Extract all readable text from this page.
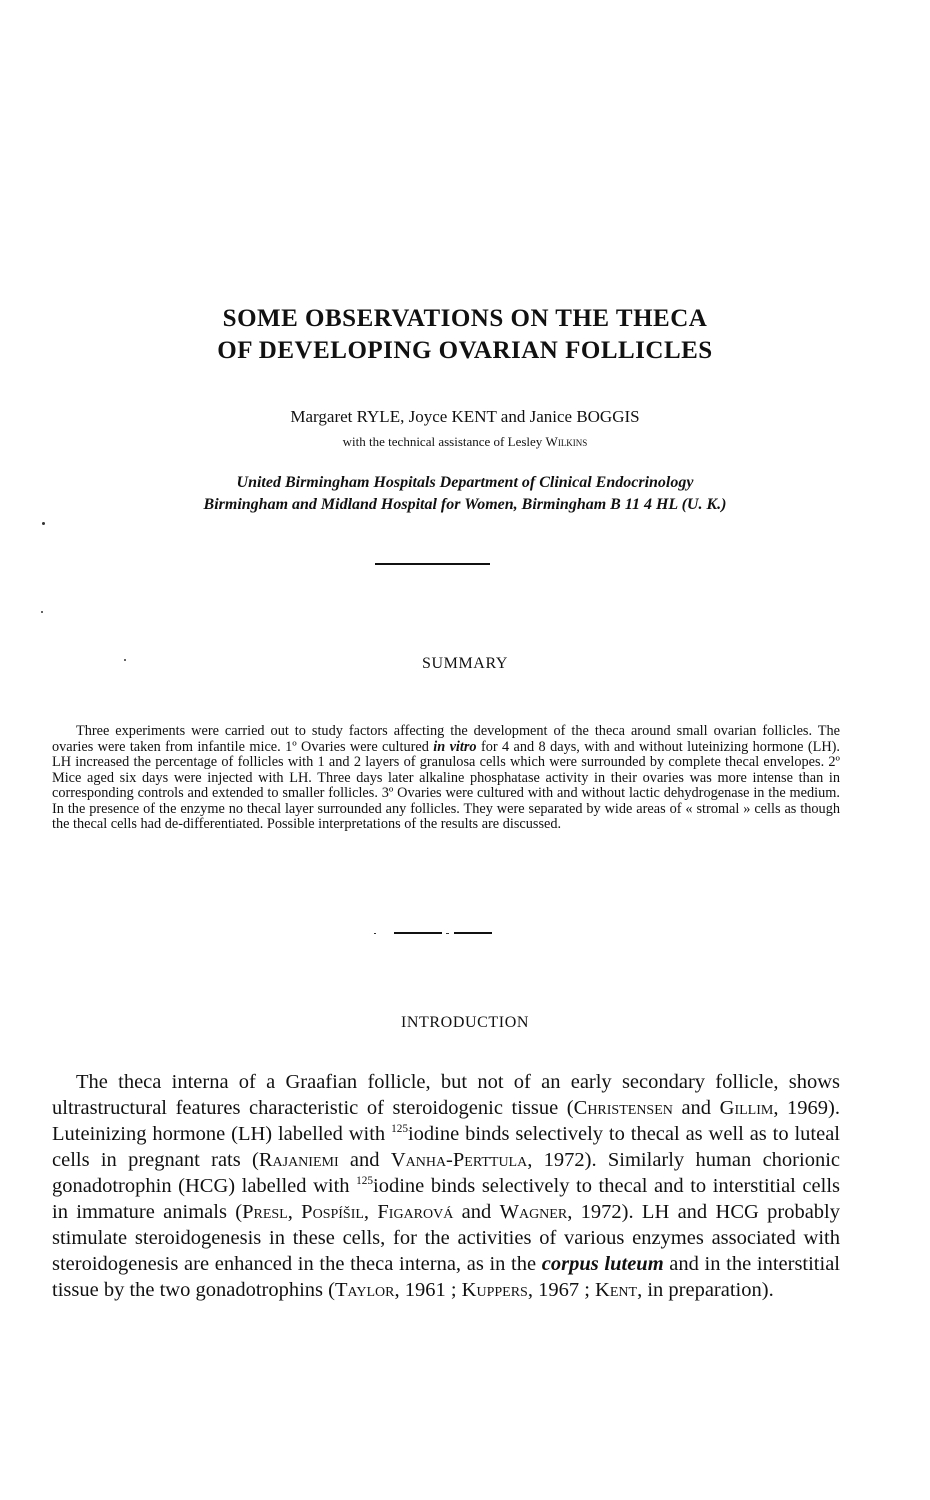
SOME OBSERVATIONS ON THE THECA
OF DEVELOPING OVARIAN FOLLICLES
Margaret RYLE, Joyce KENT and Janice BOGGIS
with the technical assistance of Lesley Wilkins
United Birmingham Hospitals Department of Clinical Endocrinology
Birmingham and Midland Hospital for Women, Birmingham B 11 4 HL (U. K.)
SUMMARY
Three experiments were carried out to study factors affecting the development of the theca around small ovarian follicles. The ovaries were taken from infantile mice. 1º Ovaries were cultured in vitro for 4 and 8 days, with and without luteinizing hormone (LH). LH increased the percentage of follicles with 1 and 2 layers of granulosa cells which were surrounded by complete thecal envelopes. 2º Mice aged six days were injected with LH. Three days later alkaline phosphatase activity in their ovaries was more intense than in corresponding controls and extended to smaller follicles. 3º Ovaries were cultured with and without lactic dehydrogenase in the medium. In the presence of the enzyme no thecal layer surrounded any follicles. They were separated by wide areas of « stromal » cells as though the thecal cells had de-differentiated. Possible interpretations of the results are discussed.
INTRODUCTION
The theca interna of a Graafian follicle, but not of an early secondary follicle, shows ultrastructural features characteristic of steroidogenic tissue (Christensen and Gillim, 1969). Luteinizing hormone (LH) labelled with $^{125}$iodine binds selectively to thecal as well as to luteal cells in pregnant rats (Rajaniemi and Vanha-Perttula, 1972). Similarly human chorionic gonadotrophin (HCG) labelled with $^{125}$iodine binds selectively to thecal and to interstitial cells in immature animals (Presl, Pospíšil, Figarová and Wagner, 1972). LH and HCG probably stimulate steroidogenesis in these cells, for the activities of various enzymes associated with steroidogenesis are enhanced in the theca interna, as in the corpus luteum and in the interstitial tissue by the two gonadotrophins (Taylor, 1961 ; Kuppers, 1967 ; Kent, in preparation).
